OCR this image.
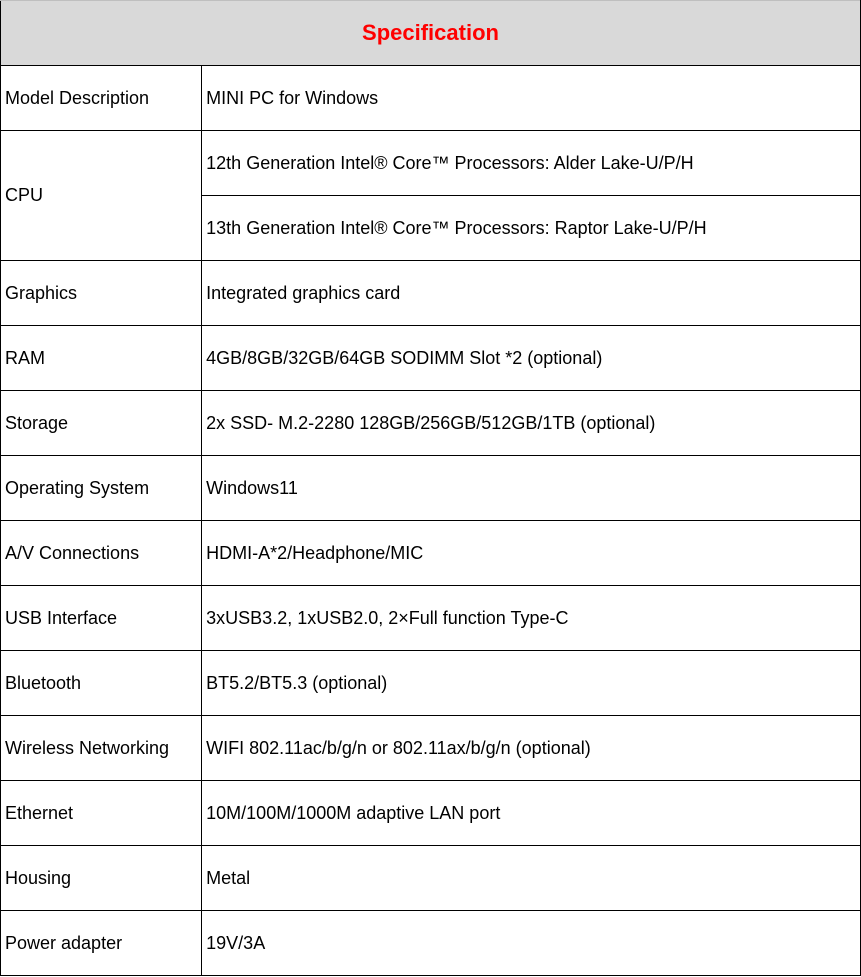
Specification	
Model Description	MINI PC for Windows
CPU	12th Generation Intel® Core™ Processors: Alder Lake-U/P/H
	13th Generation Intel® Core™ Processors: Raptor Lake-U/P/H
Graphics	Integrated graphics card
RAM	4GB/8GB/32GB/64GB SODIMM Slot *2 (optional)
Storage	2x SSD- M.2-2280 128GB/256GB/512GB/1TB (optional)
Operating System	Windows11
A/V Connections	HDMI-A*2/Headphone/MIC
USB Interface	3xUSB3.2, 1xUSB2.0, 2×Full function Type-C
Bluetooth	BT5.2/BT5.3 (optional)
Wireless Networking	WIFI 802.11ac/b/g/n or 802.11ax/b/g/n (optional)
Ethernet	10M/100M/1000M adaptive LAN port
Housing	Metal
Power adapter	19V/3A
